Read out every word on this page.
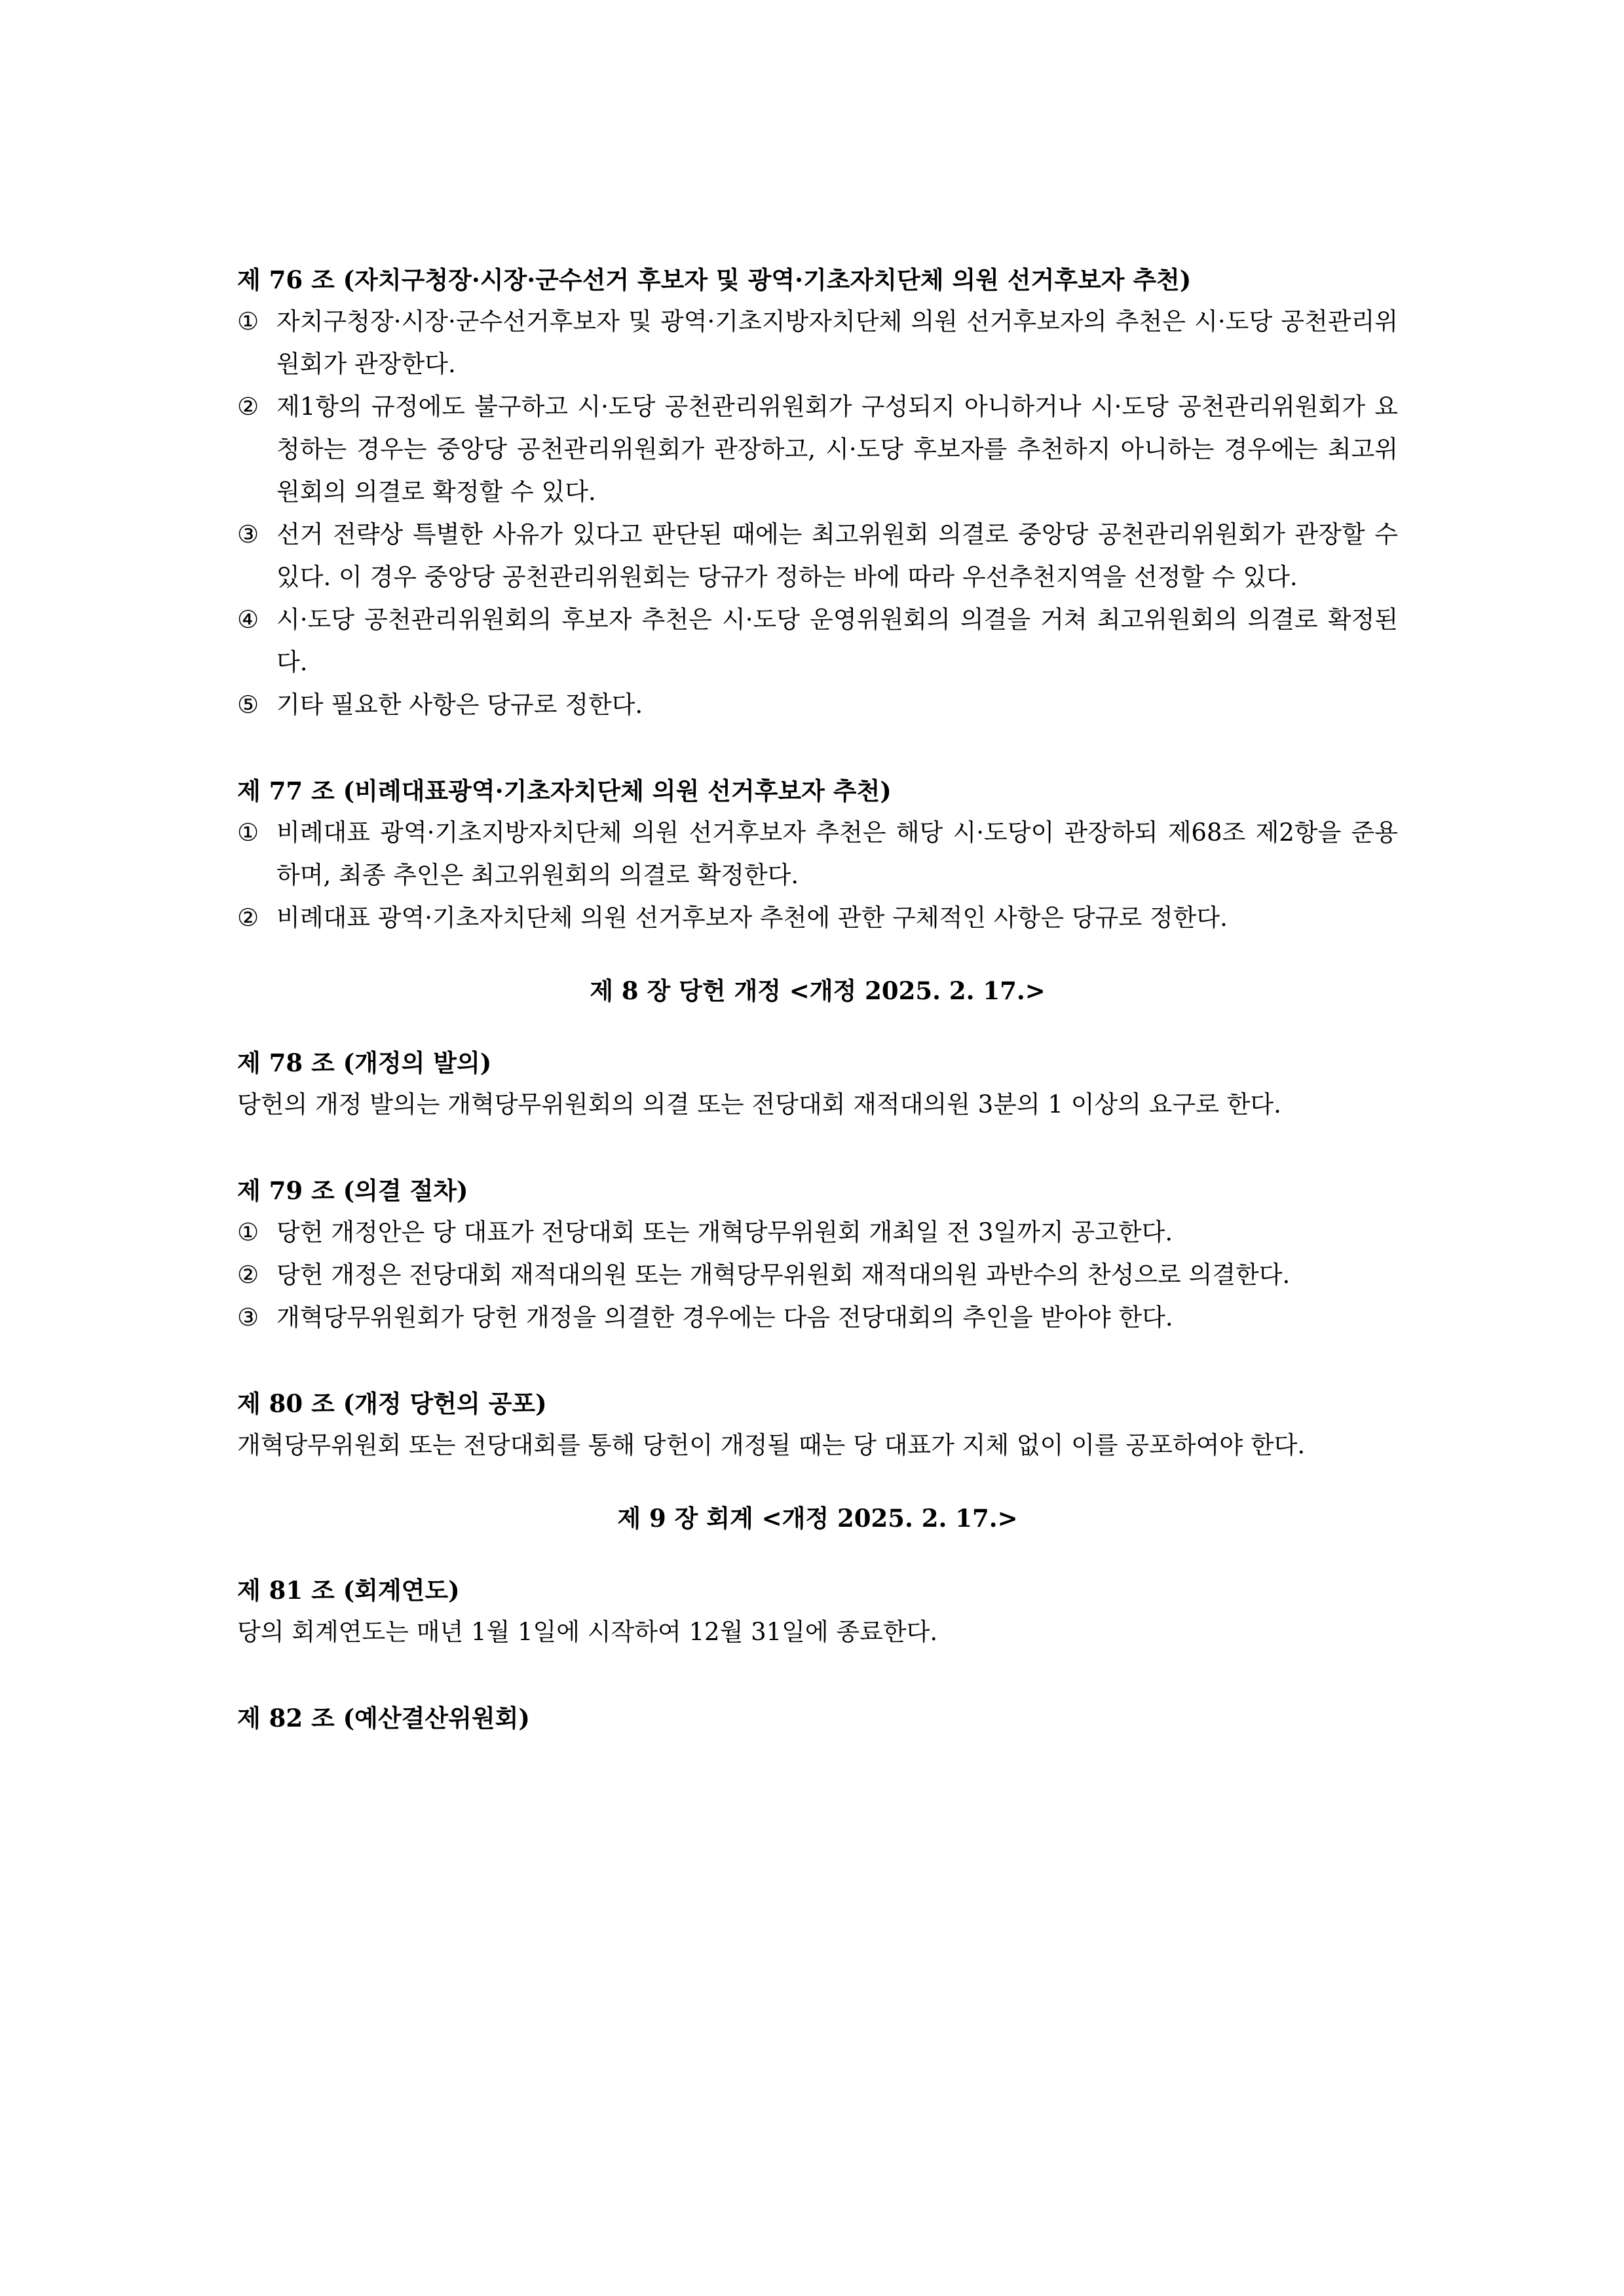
제 76 조 (자치구청장·시장·군수선거 후보자 및 광역·기초자치단체 의원 선거후보자 추천)
① 자치구청장·시장·군수선거후보자 및 광역·기초지방자치단체 의원 선거후보자의 추천은 시·도당 공천관리위원회가 관장한다.
② 제1항의 규정에도 불구하고 시·도당 공천관리위원회가 구성되지 아니하거나 시·도당 공천관리위원회가 요청하는 경우는 중앙당 공천관리위원회가 관장하고, 시·도당 후보자를 추천하지 아니하는 경우에는 최고위원회의 의결로 확정할 수 있다.
③ 선거 전략상 특별한 사유가 있다고 판단된 때에는 최고위원회 의결로 중앙당 공천관리위원회가 관장할 수 있다. 이 경우 중앙당 공천관리위원회는 당규가 정하는 바에 따라 우선추천지역을 선정할 수 있다.
④ 시·도당 공천관리위원회의 후보자 추천은 시·도당 운영위원회의 의결을 거쳐 최고위원회의 의결로 확정된다.
⑤ 기타 필요한 사항은 당규로 정한다.
제 77 조 (비례대표광역·기초자치단체 의원 선거후보자 추천)
① 비례대표 광역·기초지방자치단체 의원 선거후보자 추천은 해당 시·도당이 관장하되 제68조 제2항을 준용하며, 최종 추인은 최고위원회의 의결로 확정한다.
② 비례대표 광역·기초자치단체 의원 선거후보자 추천에 관한 구체적인 사항은 당규로 정한다.
제 8 장 당헌 개정 <개정 2025. 2. 17.>
제 78 조 (개정의 발의)

당헌의 개정 발의는 개혁당무위원회의 의결 또는 전당대회 재적대의원 3분의 1 이상의 요구로 한다.

제 79 조 (의결 절차)
① 당헌 개정안은 당 대표가 전당대회 또는 개혁당무위원회 개최일 전 3일까지 공고한다.
② 당헌 개정은 전당대회 재적대의원 또는 개혁당무위원회 재적대의원 과반수의 찬성으로 의결한다.
③ 개혁당무위원회가 당헌 개정을 의결한 경우에는 다음 전당대회의 추인을 받아야 한다.
제 80 조 (개정 당헌의 공포)

개혁당무위원회 또는 전당대회를 통해 당헌이 개정될 때는 당 대표가 지체 없이 이를 공포하여야 한다.

제 9 장 회계 <개정 2025. 2. 17.>
제 81 조 (회계연도)

당의 회계연도는 매년 1월 1일에 시작하여 12월 31일에 종료한다.

제 82 조 (예산결산위원회)
